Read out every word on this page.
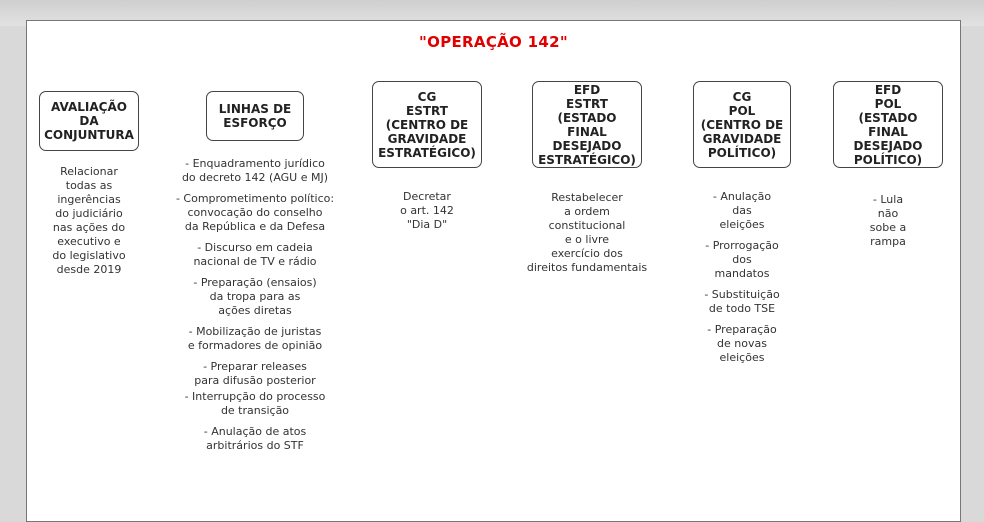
"OPERAÇÃO 142"
AVALIAÇÃO
DA
CONJUNTURA
Relacionar
todas as
ingerências
do judiciário
nas ações do
executivo e
do legislativo
desde 2019
LINHAS DE
ESFORÇO
- Enquadramento jurídico
do decreto 142 (AGU e MJ)
- Comprometimento político:
convocação do conselho
da República e da Defesa
- Discurso em cadeia
nacional de TV e rádio
- Preparação (ensaios)
da tropa para as
ações diretas
- Mobilização de juristas
e formadores de opinião
- Preparar releases
para difusão posterior
- Interrupção do processo
de transição
- Anulação de atos
arbitrários do STF
CG
ESTRT
(CENTRO DE
GRAVIDADE
ESTRATÉGICO)
Decretar
o art. 142
"Dia D"
EFD
ESTRT
(ESTADO FINAL
DESEJADO
ESTRATÉGICO)
Restabelecer
a ordem
constitucional
e o livre
exercício dos
direitos fundamentais
CG
POL
(CENTRO DE
GRAVIDADE
POLÍTICO)
- Anulação
das
eleições
- Prorrogação
dos
mandatos
- Substituição
de todo TSE
- Preparação
de novas
eleições
EFD
POL
(ESTADO FINAL
DESEJADO
POLÍTICO)
- Lula
não
sobe a
rampa
